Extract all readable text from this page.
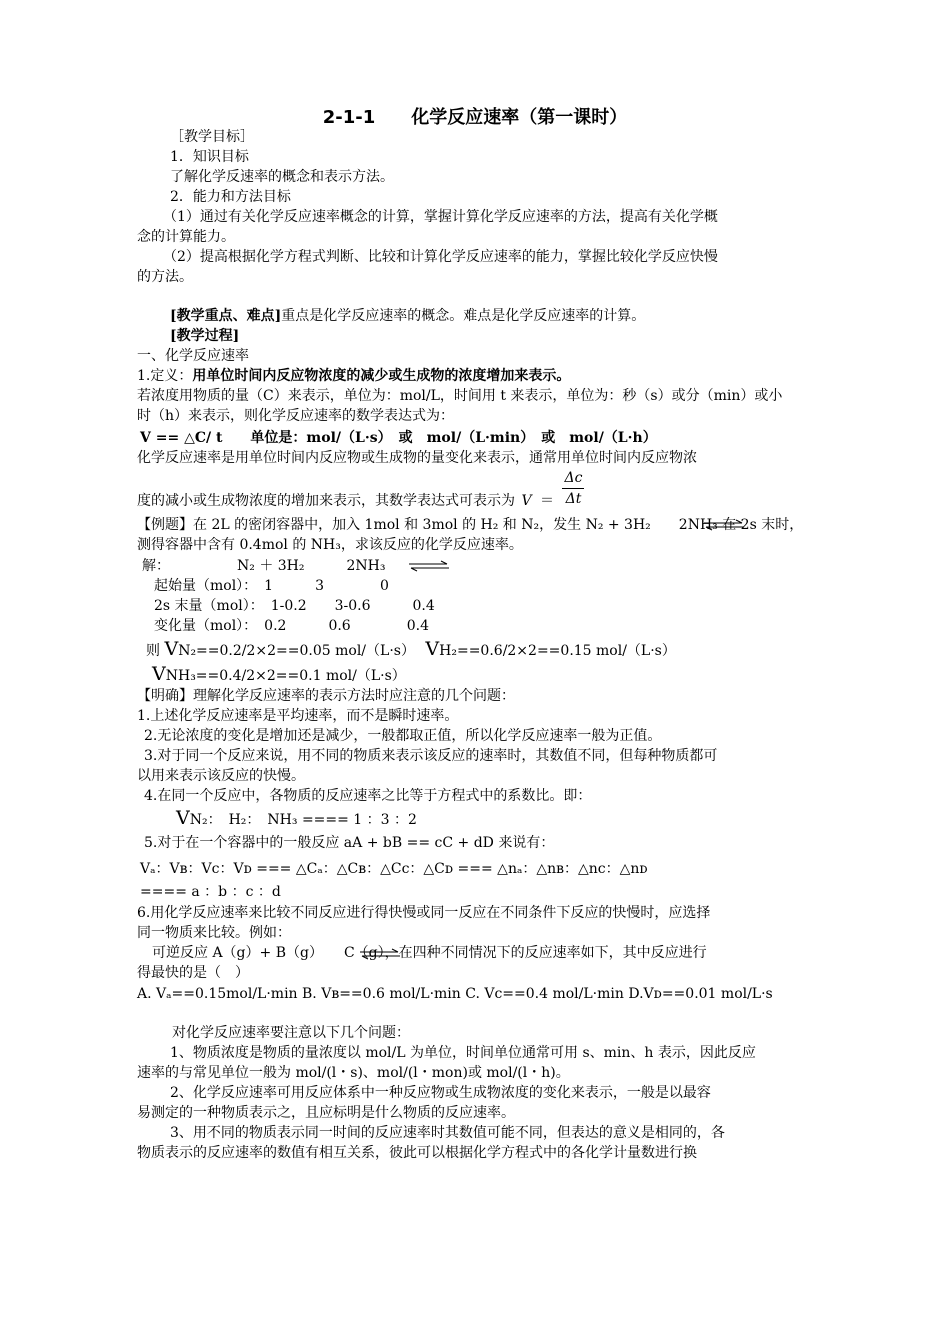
2-1-1　　化学反应速率（第一课时）
［教学目标］
1．知识目标
了解化学反速率的概念和表示方法。
2．能力和方法目标
（1）通过有关化学反应速率概念的计算，掌握计算化学反应速率的方法，提高有关化学概
念的计算能力。
（2）提高根据化学方程式判断、比较和计算化学反应速率的能力，掌握比较化学反应快慢
的方法。
[教学重点、难点]重点是化学反应速率的概念。难点是化学反应速率的计算。
[教学过程]
一、化学反应速率
1.定义：用单位时间内反应物浓度的减少或生成物的浓度增加来表示。
若浓度用物质的量（C）来表示，单位为：mol/L，时间用 t 来表示，单位为：秒（s）或分（min）或小
时（h）来表示，则化学反应速率的数学表达式为：
V == △C/ t　　单位是：mol/（L·s）　或　mol/（L·min）　或　mol/（L·h）
化学反应速率是用单位时间内反应物或生成物的量变化来表示，通常用单位时间内反应物浓
度的减小或生成物浓度的增加来表示，其数学表达式可表示为 $V = \frac{\Delta c}{\Delta t}$
【例题】在 2L 的密闭容器中，加入 1mol 和 3mol 的 H₂ 和 N₂，发生 N₂ + 3H₂　　2NH₃ 在 2s 末时，
测得容器中含有 0.4mol 的 NH₃，求该反应的化学反应速率。
解：	N₂ ＋ 3H₂　　　2NH₃	⇌
起始量（mol）：　1　　　3　　　　0
2s 末量（mol）：　1-0.2　　3-0.6　　　0.4
变化量（mol）：　0.2　　　0.6　　　　0.4
则 VN₂==0.2/2×2==0.05 mol/（L·s） VH₂==0.6/2×2==0.15 mol/（L·s）
VNH₃==0.4/2×2==0.1 mol/（L·s）
【明确】理解化学反应速率的表示方法时应注意的几个问题：
1.上述化学反应速率是平均速率，而不是瞬时速率。
2.无论浓度的变化是增加还是减少，一般都取正值，所以化学反应速率一般为正值。
3.对于同一个反应来说，用不同的物质来表示该反应的速率时，其数值不同，但每种物质都可
以用来表示该反应的快慢。
4.在同一个反应中，各物质的反应速率之比等于方程式中的系数比。即：
VN₂：　H₂：　NH₃ ==== 1 ：3 ：2
5.对于在一个容器中的一般反应 aA + bB == cC + dD 来说有：
Vₐ：Vв：Vc：Vᴅ === △Cₐ：△Cв：△Cc：△Cᴅ === △nₐ：△nв：△nc：△nᴅ
==== a ：b ：c ：d
6.用化学反应速率来比较不同反应进行得快慢或同一反应在不同条件下反应的快慢时，应选择
同一物质来比较。例如：
可逆反应 A（g）+ B（g）　　C（g），在四种不同情况下的反应速率如下，其中反应进行
得最快的是（　）
A. Vₐ==0.15mol/L·min B. Vв==0.6 mol/L·min C. Vc==0.4 mol/L·min D.Vᴅ==0.01 mol/L·s
对化学反应速率要注意以下几个问题：
1、物质浓度是物质的量浓度以 mol/L 为单位，时间单位通常可用 s、min、h 表示，因此反应
速率的与常见单位一般为 mol/(l・s)、mol/(l・mon)或 mol/(l・h)。
2、化学反应速率可用反应体系中一种反应物或生成物浓度的变化来表示，一般是以最容
易测定的一种物质表示之，且应标明是什么物质的反应速率。
3、用不同的物质表示同一时间的反应速率时其数值可能不同，但表达的意义是相同的，各
物质表示的反应速率的数值有相互关系，彼此可以根据化学方程式中的各化学计量数进行换
